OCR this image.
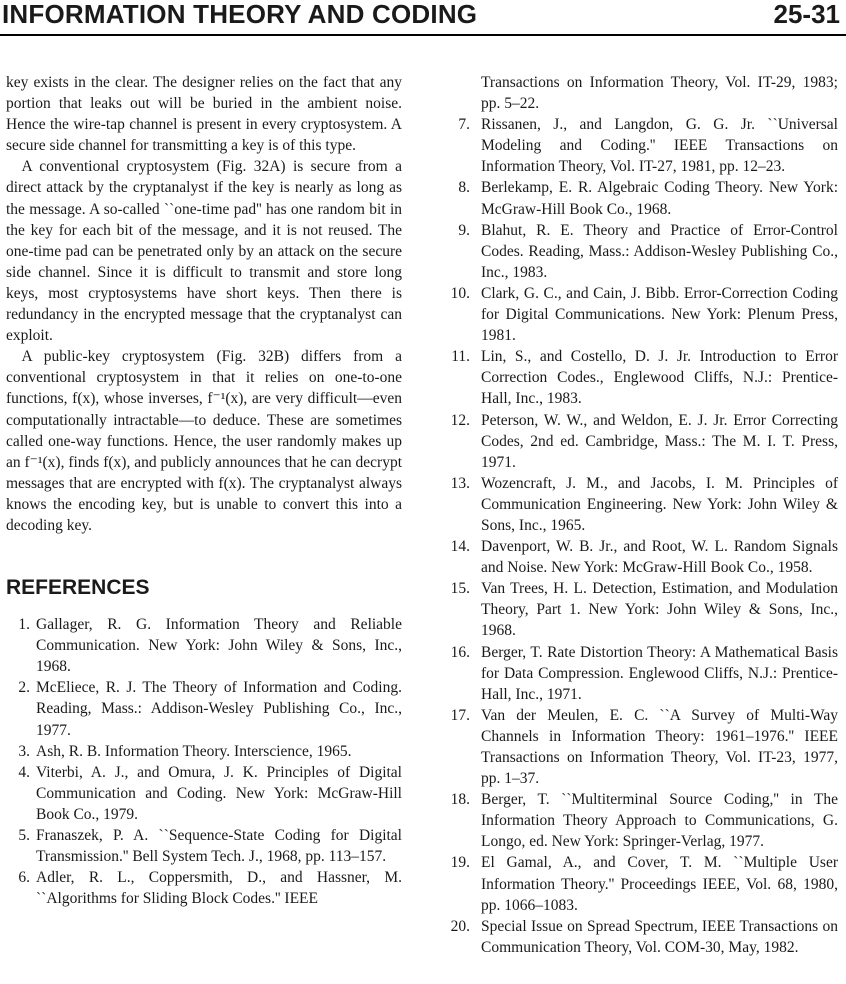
INFORMATION THEORY AND CODING	25-31

key exists in the clear. The designer relies on the fact that any portion that leaks out will be buried in the ambient noise. Hence the wire-tap channel is present in every cryptosystem. A secure side channel for transmitting a key is of this type.

A conventional cryptosystem (Fig. 32A) is secure from a direct attack by the cryptanalyst if the key is nearly as long as the message. A so-called ``one-time pad'' has one random bit in the key for each bit of the message, and it is not reused. The one-time pad can be penetrated only by an attack on the secure side channel. Since it is difficult to transmit and store long keys, most cryptosystems have short keys. Then there is redundancy in the encrypted message that the cryptanalyst can exploit.

A public-key cryptosystem (Fig. 32B) differs from a conventional cryptosystem in that it relies on one-to-one functions, f(x), whose inverses, f⁻¹(x), are very difficult—even computationally intractable—to deduce. These are sometimes called one-way functions. Hence, the user randomly makes up an f⁻¹(x), finds f(x), and publicly announces that he can decrypt messages that are encrypted with f(x). The cryptanalyst always knows the encoding key, but is unable to convert this into a decoding key.

REFERENCES
1. Gallager, R. G. Information Theory and Reliable Communication. New York: John Wiley & Sons, Inc., 1968.
2. McEliece, R. J. The Theory of Information and Coding. Reading, Mass.: Addison-Wesley Publishing Co., Inc., 1977.
3. Ash, R. B. Information Theory. Interscience, 1965.
4. Viterbi, A. J., and Omura, J. K. Principles of Digital Communication and Coding. New York: McGraw-Hill Book Co., 1979.
5. Franaszek, P. A. ``Sequence-State Coding for Digital Transmission.'' Bell System Tech. J., 1968, pp. 113–157.
6. Adler, R. L., Coppersmith, D., and Hassner, M. ``Algorithms for Sliding Block Codes.'' IEEE
Transactions on Information Theory, Vol. IT-29, 1983; pp. 5–22.
7. Rissanen, J., and Langdon, G. G. Jr. ``Universal Modeling and Coding.'' IEEE Transactions on Information Theory, Vol. IT-27, 1981, pp. 12–23.
8. Berlekamp, E. R. Algebraic Coding Theory. New York: McGraw-Hill Book Co., 1968.
9. Blahut, R. E. Theory and Practice of Error-Control Codes. Reading, Mass.: Addison-Wesley Publishing Co., Inc., 1983.
10. Clark, G. C., and Cain, J. Bibb. Error-Correction Coding for Digital Communications. New York: Plenum Press, 1981.
11. Lin, S., and Costello, D. J. Jr. Introduction to Error Correction Codes., Englewood Cliffs, N.J.: Prentice-Hall, Inc., 1983.
12. Peterson, W. W., and Weldon, E. J. Jr. Error Correcting Codes, 2nd ed. Cambridge, Mass.: The M. I. T. Press, 1971.
13. Wozencraft, J. M., and Jacobs, I. M. Principles of Communication Engineering. New York: John Wiley & Sons, Inc., 1965.
14. Davenport, W. B. Jr., and Root, W. L. Random Signals and Noise. New York: McGraw-Hill Book Co., 1958.
15. Van Trees, H. L. Detection, Estimation, and Modulation Theory, Part 1. New York: John Wiley & Sons, Inc., 1968.
16. Berger, T. Rate Distortion Theory: A Mathematical Basis for Data Compression. Englewood Cliffs, N.J.: Prentice-Hall, Inc., 1971.
17. Van der Meulen, E. C. ``A Survey of Multi-Way Channels in Information Theory: 1961–1976.'' IEEE Transactions on Information Theory, Vol. IT-23, 1977, pp. 1–37.
18. Berger, T. ``Multiterminal Source Coding,'' in The Information Theory Approach to Communications, G. Longo, ed. New York: Springer-Verlag, 1977.
19. El Gamal, A., and Cover, T. M. ``Multiple User Information Theory.'' Proceedings IEEE, Vol. 68, 1980, pp. 1066–1083.
20. Special Issue on Spread Spectrum, IEEE Transactions on Communication Theory, Vol. COM-30, May, 1982.
